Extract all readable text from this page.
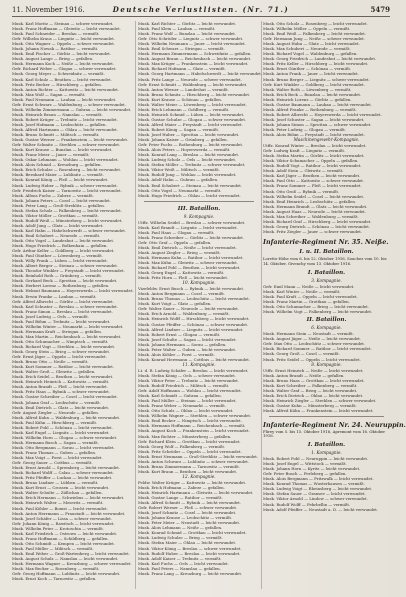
11. November 1916.	Deutsche Verlustlisten. (Nr. 71.)	5479
Musk. Karl Moritz — Steinau — schwer verwundet.
Musk. Franz Hoffmann — Gleiwitz — leicht verwundet.
Musk. Paul Schneider — Breslau — vermißt.
Gefr. Wilhelm Kraus — Liegnitz — leicht verwundet.
Musk. Otto Wagner — Oppeln — schwer verwundet.
Musk. Johann Nowak — Ratibor — vermißt.
Musk. Emil Fischer — Görlitz — leicht verwundet.
Musk. August Lange — Brieg — gefallen.
Musk. Hermann Koch — Neiße — leicht verwundet.
Gefr. Richard Weber — Glogau — schwer verwundet.
Musk. Georg Meyer — Schweidnitz — vermißt.
Musk. Karl Schulz — Beuthen — leicht verwundet.
Musk. Fritz Becker — Hirschberg — gefallen.
Musk. Anton Richter — Kattowitz — leicht verwundet.
Musk. Max Wolf — Sagan — vermißt.
Musk. Paul Neumann — Lauban — leicht verwundet.
Gefr. Ernst Schwarz — Waldenburg — schwer verwundet.
Musk. Wilhelm Zimmermann — Guhrau — leicht verwundet.
Musk. Heinrich Braun — Namslau — vermißt.
Musk. Robert Krüger — Trebnitz — leicht verwundet.
Musk. Josef Hofmann — Leobschütz — gefallen.
Musk. Alfred Hartmann — Ohlau — leicht verwundet.
Musk. Bruno Schmitt — Militsch — vermißt.
Musk. Gustav Werner — Frankenstein — leicht verwundet.
Gefr. Walter Schmitz — Strehlen — schwer verwundet.
Musk. Kurt Krause — Bunzlau — leicht verwundet.
Musk. Franz Meier — Jauer — vermißt.
Musk. Oskar Lehmann — Wohlau — leicht verwundet.
Musk. Alois Schmid — Kreuzburg — gefallen.
Musk. Erich Schulze — Rosenberg — leicht verwundet.
Musk. Bernhard Maier — Lublinitz — vermißt.
Musk. Konrad König — Pleß — leicht verwundet.
Musk. Ludwig Huber — Rybnik — schwer verwundet.
Gefr. Friedrich Kaiser — Tarnowitz — leicht verwundet.
Musk. Alfons Fuchs — Zabrze — vermißt.
Musk. Johann Peters — Cosel — leicht verwundet.
Musk. Peter Lang — Groß-Strehlitz — gefallen.
Musk. Stefan Scholz — Falkenberg — leicht verwundet.
Musk. Viktor Möller — Grottkau — vermißt.
Musk. Rudolf Weiß — Münsterberg — leicht verwundet.
Musk. Adolf Jung — Glatz — leicht verwundet.
Musk. Karl Hahn — Habelschwerdt — schwer verwundet.
Musk. Emil Schubert — Neurode — vermißt.
Musk. Otto Vogel — Landeshut — leicht verwundet.
Musk. Hugo Friedrich — Bolkenhain — gefallen.
Gefr. Arthur Keller — Goldberg — leicht verwundet.
Musk. Paul Günther — Löwenberg — vermißt.
Musk. Willy Frank — Lüben — leicht verwundet.
Musk. Albert Berger — Steinau — schwer verwundet.
Musk. Theodor Winkler — Freystadt — leicht verwundet.
Musk. Reinhold Roth — Grünberg — vermißt.
Musk. Gerhard Beck — Sprottau — leicht verwundet.
Musk. Herbert Lorenz — Rothenburg — gefallen.
Musk. Helmut Baumann — Hoyerswerda — leicht verwundet.
Musk. Erwin Franke — Lauban — vermißt.
Gefr. Alfred Albrecht — Görlitz — leicht verwundet.
Musk. Karl Schuster — Breslau — schwer verwundet.
Musk. Franz Simon — Breslau — leicht verwundet.
Musk. Josef Ludwig — Oels — vermißt.
Musk. Paul Böhm — Trebnitz — leicht verwundet.
Musk. Wilhelm Winter — Neumarkt — leicht verwundet.
Musk. Hermann Kraft — Striegau — gefallen.
Musk. Max Martin — Reichenbach — leicht verwundet.
Musk. Otto Schumacher — Nimptsch — vermißt.
Musk. Richard Vogt — Strehlen — leicht verwundet.
Musk. Georg Stein — Brieg — schwer verwundet.
Gefr. Ernst Jäger — Oppeln — leicht verwundet.
Musk. Bruno Otto — Neiße — vermißt.
Musk. Kurt Sommer — Ratibor — leicht verwundet.
Musk. Walter Groß — Gleiwitz — gefallen.
Musk. Erich Seidel — Beuthen — leicht verwundet.
Musk. Heinrich Heinrich — Kattowitz — vermißt.
Musk. Anton Brandt — Pleß — leicht verwundet.
Musk. Fritz Haas — Rybnik — schwer verwundet.
Musk. Gustav Schreiber — Cosel — leicht verwundet.
Musk. Johann Graf — Leobschütz — vermißt.
Musk. Emil Dietrich — Glatz — leicht verwundet.
Gefr. August Ziegler — Neurode — gefallen.
Musk. Alfred Kuhn — Waldenburg — leicht verwundet.
Musk. Paul Kühn — Hirschberg — vermißt.
Musk. Robert Pohl — Schönau — leicht verwundet.
Musk. Karl Engel — Liegnitz — leicht verwundet.
Musk. Wilhelm Horn — Glogau — schwer verwundet.
Musk. Hermann Busch — Sagan — vermißt.
Musk. Otto Bergmann — Sorau — leicht verwundet.
Musk. Franz Thomas — Guben — gefallen.
Musk. Max Voigt — Forst — leicht verwundet.
Gefr. Georg Sauer — Cottbus — vermißt.
Musk. Ernst Arnold — Spremberg — leicht verwundet.
Musk. Richard Wolff — Calau — schwer verwundet.
Musk. Fritz Pfeiffer — Luckau — leicht verwundet.
Musk. Bruno Lindner — Lübben — vermißt.
Musk. Kurt Ernst — Crossen — leicht verwundet.
Musk. Walter Schulte — Züllichau — gefallen.
Musk. Erich Hermann — Schwiebus — leicht verwundet.
Musk. Heinrich Walter — Meseritz — vermißt.
Musk. Paul Köhler — Bomst — leicht verwundet.
Musk. Anton Herrmann — Fraustadt — leicht verwundet.
Musk. Josef Schäfer — Lissa — schwer verwundet.
Gefr. Johann König — Rawitsch — leicht verwundet.
Musk. Wilhelm Peter — Krotoschin — vermißt.
Musk. Karl Friedrich — Ostrowo — leicht verwundet.
Musk. Franz Hoffmann — Schildberg — gefallen.
Musk. Otto Schmidt — Kempen — leicht verwundet.
Musk. Paul Müller — Militsch — vermißt.
Musk. Emil Weber — Groß-Wartenberg — leicht verwundet.
Musk. August Schulz — Namslau — leicht verwundet.
Musk. Hermann Wagner — Kreuzburg — schwer verwundet.
Musk. Max Becker — Rosenberg — vermißt.
Gefr. Georg Hoffmann — Lublinitz — leicht verwundet.
Musk. Ernst Koch — Tarnowitz — gefallen.
Musk. Karl Richter — Görlitz — leicht verwundet.
Musk. Paul Klein — Lauban — vermißt.
Musk. Franz Wolf — Bunzlau — leicht verwundet.
Gefr. Otto Schröder — Liegnitz — schwer verwundet.
Musk. Wilhelm Neumann — Jauer — leicht verwundet.
Musk. Emil Schwarz — Striegau — vermißt.
Musk. Hermann Zimmermann — Schweidnitz — gefallen.
Musk. August Braun — Reichenbach — leicht verwundet.
Musk. Max Krüger — Frankenstein — leicht verwundet.
Musk. Richard Hofmann — Glatz — vermißt.
Musk. Georg Hartmann — Habelschwerdt — leicht verwundet.
Musk. Fritz Lange — Neurode — schwer verwundet.
Gefr. Ernst Schmitt — Waldenburg — leicht verwundet.
Musk. Anton Werner — Landeshut — vermißt.
Musk. Bruno Schmitz — Hirschberg — leicht verwundet.
Musk. Kurt Krause — Schönau — gefallen.
Musk. Walter Meier — Löwenberg — leicht verwundet.
Musk. Erich Lehmann — Goldberg — vermißt.
Musk. Heinrich Schmid — Lüben — leicht verwundet.
Musk. Gustav Schulze — Glogau — schwer verwundet.
Musk. Alfred Maier — Freystadt — leicht verwundet.
Musk. Robert König — Sagan — vermißt.
Musk. Josef Huber — Sprottau — leicht verwundet.
Musk. Johann Kaiser — Grünberg — gefallen.
Gefr. Peter Fuchs — Rothenburg — leicht verwundet.
Musk. Alois Peters — Hoyerswerda — vermißt.
Musk. Konrad Lang — Breslau — leicht verwundet.
Musk. Ludwig Scholz — Oels — leicht verwundet.
Musk. Stefan Möller — Trebnitz — schwer verwundet.
Musk. Viktor Weiß — Militsch — vermißt.
Musk. Rudolf Jung — Wohlau — leicht verwundet.
Musk. Adolf Hahn — Guhrau — gefallen.
Musk. Emil Schubert — Steinau — leicht verwundet.
Musk. Otto Vogel — Neumarkt — vermißt.
Musk. Hugo Friedrich — Ohlau — leicht verwundet.
III. Bataillon.
9. Kompagnie.
Utffz. Wilhelm Seidel — Breslau — schwer verwundet.
Musk. Karl Brandt — Liegnitz — leicht verwundet.
Musk. Paul Haas — Glogau — vermißt.
Musk. Franz Schreiber — Görlitz — leicht verwundet.
Gefr. Otto Graf — Oppeln — gefallen.
Musk. Emil Dietrich — Neiße — leicht verwundet.
Musk. August Ziegler — Brieg — vermißt.
Musk. Hermann Kuhn — Ratibor — leicht verwundet.
Musk. Max Kühn — Gleiwitz — schwer verwundet.
Musk. Richard Pohl — Beuthen — leicht verwundet.
Musk. Georg Engel — Kattowitz — vermißt.
Musk. Fritz Horn — Pleß — leicht verwundet.
10. Kompagnie.
Vizefeldw. Ernst Busch — Rybnik — leicht verwundet.
Musk. Anton Bergmann — Cosel — vermißt.
Musk. Bruno Thomas — Leobschütz — leicht verwundet.
Musk. Kurt Voigt — Glatz — gefallen.
Gefr. Walter Sauer — Neurode — leicht verwundet.
Musk. Erich Arnold — Waldenburg — vermißt.
Musk. Heinrich Wolff — Hirschberg — leicht verwundet.
Musk. Gustav Pfeiffer — Schönau — schwer verwundet.
Musk. Alfred Lindner — Liegnitz — leicht verwundet.
Musk. Robert Ernst — Glogau — vermißt.
Musk. Josef Schulte — Sagan — leicht verwundet.
Musk. Johann Hermann — Sorau — gefallen.
Musk. Peter Walter — Guben — leicht verwundet.
Musk. Alois Köhler — Forst — vermißt.
Musk. Konrad Herrmann — Cottbus — leicht verwundet.
11. Kompagnie.
Lt. d. R. Ludwig Schäfer — Breslau — leicht verwundet.
Musk. Stefan König — Oels — schwer verwundet.
Musk. Viktor Peter — Trebnitz — leicht verwundet.
Musk. Rudolf Friedrich — Militsch — vermißt.
Gefr. Adolf Hoffmann — Wohlau — leicht verwundet.
Musk. Karl Schmidt — Guhrau — gefallen.
Musk. Paul Müller — Steinau — leicht verwundet.
Musk. Franz Weber — Neumarkt — vermißt.
Musk. Otto Schulz — Ohlau — leicht verwundet.
Musk. Wilhelm Wagner — Strehlen — schwer verwundet.
Musk. Emil Becker — Nimptsch — leicht verwundet.
Musk. Hermann Hoffmann — Reichenbach — vermißt.
Musk. August Koch — Frankenstein — leicht verwundet.
Musk. Max Richter — Münsterberg — gefallen.
Gefr. Richard Klein — Grottkau — leicht verwundet.
Musk. Georg Wolf — Falkenberg — vermißt.
Musk. Fritz Schröder — Oppeln — leicht verwundet.
Musk. Ernst Neumann — Groß-Strehlitz — leicht verwundet.
Musk. Anton Schwarz — Lublinitz — schwer verwundet.
Musk. Bruno Zimmermann — Tarnowitz — vermißt.
Musk. Kurt Braun — Beuthen — leicht verwundet.
12. Kompagnie.
Feldw. Walter Krüger — Kattowitz — leicht verwundet.
Musk. Erich Hofmann — Zabrze — gefallen.
Musk. Heinrich Hartmann — Gleiwitz — leicht verwundet.
Musk. Gustav Lange — Ratibor — vermißt.
Musk. Alfred Schmitt — Rybnik — leicht verwundet.
Gefr. Robert Werner — Pleß — schwer verwundet.
Musk. Josef Schmitz — Cosel — leicht verwundet.
Musk. Johann Krause — Leobschütz — vermißt.
Musk. Peter Meier — Neustadt — leicht verwundet.
Musk. Alois Lehmann — Neiße — gefallen.
Musk. Konrad Schmid — Grottkau — leicht verwundet.
Musk. Ludwig Schulze — Brieg — vermißt.
Musk. Stefan Maier — Ohlau — leicht verwundet.
Musk. Viktor König — Breslau — schwer verwundet.
Musk. Rudolf Huber — Breslau — leicht verwundet.
Musk. Adolf Kaiser — Trebnitz — vermißt.
Musk. Karl Fuchs — Oels — leicht verwundet.
Musk. Paul Peters — Namslau — gefallen.
Musk. Franz Lang — Kreuzburg — leicht verwundet.
Musk. Otto Scholz — Rosenberg — leicht verwundet.
Musk. Wilhelm Möller — Oppeln — vermißt.
Musk. Emil Weiß — Falkenberg — leicht verwundet.
Gefr. Hermann Jung — Neiße — schwer verwundet.
Musk. August Hahn — Glatz — leicht verwundet.
Musk. Max Schubert — Neurode — vermißt.
Musk. Richard Vogel — Waldenburg — gefallen.
Musk. Georg Friedrich — Landeshut — leicht verwundet.
Musk. Fritz Keller — Hirschberg — leicht verwundet.
Musk. Ernst Günther — Schönau — vermißt.
Musk. Anton Frank — Jauer — leicht verwundet.
Musk. Bruno Berger — Liegnitz — schwer verwundet.
Gefr. Kurt Winkler — Goldberg — leicht verwundet.
Musk. Walter Roth — Löwenberg — vermißt.
Musk. Erich Beck — Bunzlau — leicht verwundet.
Musk. Heinrich Lorenz — Görlitz — gefallen.
Musk. Gustav Baumann — Lauban — leicht verwundet.
Musk. Alfred Franke — Rothenburg — vermißt.
Musk. Robert Albrecht — Hoyerswerda — leicht verwundet.
Musk. Josef Schuster — Sagan — leicht verwundet.
Musk. Johann Simon — Sprottau — schwer verwundet.
Musk. Peter Ludwig — Glogau — vermißt.
Musk. Alois Böhm — Freystadt — leicht verwundet.
Maschinengewehr-Kompagnie.
Utffz. Konrad Winter — Breslau — leicht verwundet.
Gefr. Ludwig Kraft — Liegnitz — vermißt.
Musk. Stefan Martin — Görlitz — leicht verwundet.
Musk. Viktor Schumacher — Oppeln — gefallen.
Musk. Rudolf Vogt — Ratibor — leicht verwundet.
Musk. Adolf Stein — Gleiwitz — vermißt.
Musk. Karl Jäger — Beuthen — leicht verwundet.
Musk. Paul Otto — Kattowitz — schwer verwundet.
Musk. Franz Sommer — Pleß — leicht verwundet.
Musk. Otto Groß — Rybnik — vermißt.
Musk. Wilhelm Seidel — Cosel — leicht verwundet.
Musk. Emil Heinrich — Leobschütz — gefallen.
Musk. Hermann Brandt — Glatz — leicht verwundet.
Musk. August Haas — Neurode — leicht verwundet.
Musk. Max Schreiber — Waldenburg — vermißt.
Musk. Richard Graf — Hirschberg — leicht verwundet.
Musk. Georg Dietrich — Schönau — leicht verwundet.
Musk. Fritz Ziegler — Jauer — schwer verwundet.
Infanterie-Regiment Nr. 35. Neiße.
I. u. II. Bataillon.
Loretto-Höhe vom 6. bis 12. Oktober 1916, Souchez vom 10. bis 14. Oktober, Givenchy vom 13. Oktober 1916.
I. Bataillon.
3. Kompagnie.
Gefr. Emil Mann — Neiße — leicht verwundet.
Musk. Karl Winter — Neiße — vermißt.
Musk. Paul Kraft — Oppeln — leicht verwundet.
Musk. Franz Martin — Grottkau — gefallen.
Musk. Otto Schumacher — Brieg — leicht verwundet.
Musk. Wilhelm Vogt — Falkenberg — leicht verwundet.
II. Bataillon.
6. Kompagnie.
Musk. Hermann Stein — Neustadt — vermißt.
Musk. August Jäger — Neiße — leicht verwundet.
Gefr. Max Otto — Leobschütz — schwer verwundet.
Musk. Richard Sommer — Ratibor — leicht verwundet.
Musk. Georg Groß — Cosel — vermißt.
Musk. Fritz Seidel — Oppeln — leicht verwundet.
8. Kompagnie.
Utffz. Ernst Heinrich — Neiße — leicht verwundet.
Musk. Anton Brandt — Neiße — gefallen.
Musk. Bruno Haas — Grottkau — leicht verwundet.
Musk. Kurt Schreiber — Falkenberg — vermißt.
Musk. Walter Graf — Brieg — leicht verwundet.
Musk. Erich Dietrich — Ohlau — leicht verwundet.
Musk. Heinrich Ziegler — Strehlen — schwer verwundet.
Musk. Gustav Kuhn — Münsterberg — vermißt.
Musk. Alfred Kühn — Frankenstein — leicht verwundet.
Infanterie-Regiment Nr. 24. Neuruppin.
Flirey vom 5. bis 15. Oktober 1916, Apremont vom 16. Oktober 1916.
I. Bataillon.
1. Kompagnie.
Musk. Robert Pohl — Neuruppin — leicht verwundet.
Musk. Josef Engel — Wittstock — vermißt.
Musk. Johann Horn — Kyritz — leicht verwundet.
Gefr. Peter Busch — Perleberg — gefallen.
Musk. Alois Bergmann — Pritzwalk — leicht verwundet.
Musk. Konrad Thomas — Wusterhausen — vermißt.
Musk. Ludwig Voigt — Rheinsberg — leicht verwundet.
Musk. Stefan Sauer — Gransee — leicht verwundet.
Musk. Viktor Arnold — Lindow — schwer verwundet.
Musk. Rudolf Wolff — Fehrbellin — vermißt.
Musk. Adolf Pfeiffer — Neustadt a. D. — leicht verwundet.
